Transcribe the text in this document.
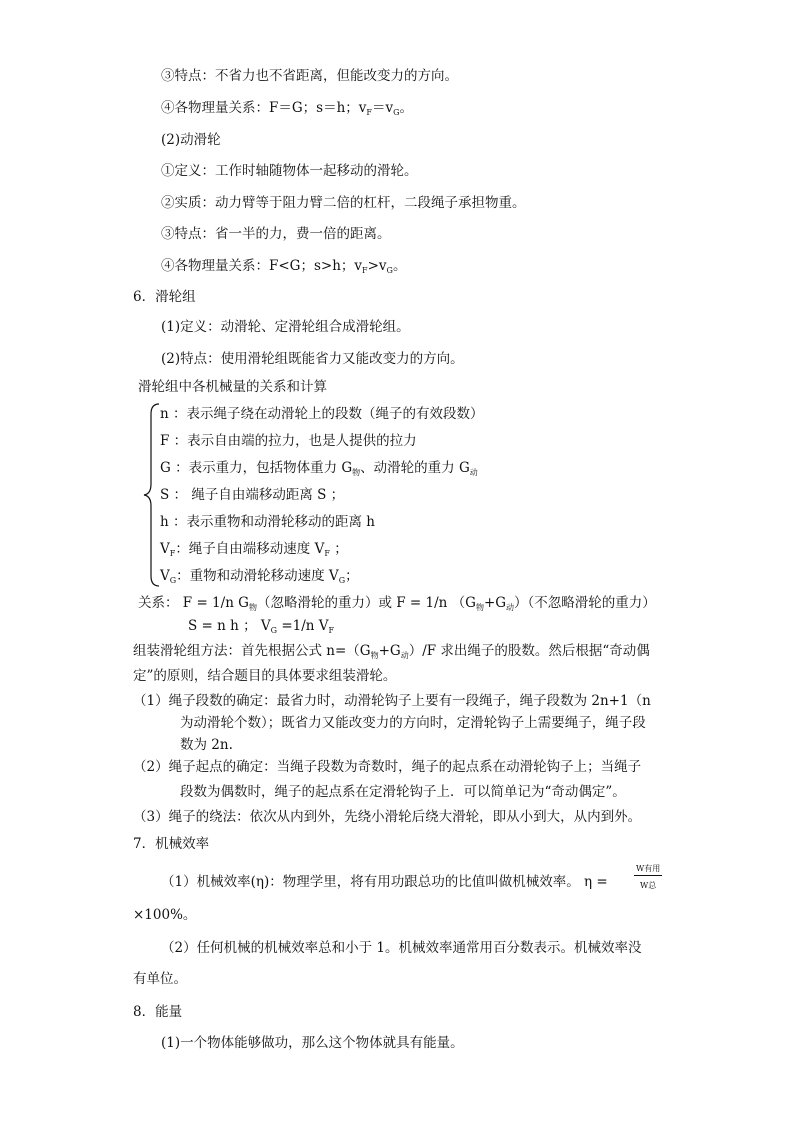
③特点：不省力也不省距离，但能改变力的方向。
④各物理量关系：F＝G；s＝h；$v_F=v_G$。
(2)动滑轮
①定义：工作时轴随物体一起移动的滑轮。
②实质：动力臂等于阻力臂二倍的杠杆，二段绳子承担物重。
③特点：省一半的力，费一倍的距离。
④各物理量关系：F<G；s>h；$v_F>v_G$。
6．滑轮组
(1)定义：动滑轮、定滑轮组合成滑轮组。
(2)特点：使用滑轮组既能省力又能改变力的方向。
滑轮组中各机械量的关系和计算
n ：表示绳子绕在动滑轮上的段数（绳子的有效段数）
F ：表示自由端的拉力，也是人提供的拉力
G ：表示重力，包括物体重力 $G_物$、动滑轮的重力 $G_动$
S ： 绳子自由端移动距离 S ；
h ：表示重物和动滑轮移动的距离 h
$V_F$：绳子自由端移动速度 $V_F$ ；
$V_G$：重物和动滑轮移动速度 $V_G$；
关系： F = 1/n $G_物$（忽略滑轮的重力）或 F = 1/n $(G_物+G_动)$（不忽略滑轮的重力）
S = n h ； $V_G =1/n$ $V_F$
组装滑轮组方法：首先根据公式 $n=(G_物+G_动)/F$ 求出绳子的股数。然后根据“奇动偶
定”的原则，结合题目的具体要求组装滑轮。
（1）绳子段数的确定：最省力时，动滑轮钩子上要有一段绳子，绳子段数为 2n+1（n
为动滑轮个数）；既省力又能改变力的方向时，定滑轮钩子上需要绳子，绳子段
数为 2n.
（2）绳子起点的确定：当绳子段数为奇数时，绳子的起点系在动滑轮钩子上；当绳子
段数为偶数时，绳子的起点系在定滑轮钩子上．可以简单记为“奇动偶定”。
（3）绳子的绕法：依次从内到外，先绕小滑轮后绕大滑轮，即从小到大，从内到外。
7．机械效率
（1）机械效率(η)：物理学里，将有用功跟总功的比值叫做机械效率。 η =
W有用
W总
×100%。
（2）任何机械的机械效率总和小于 1。机械效率通常用百分数表示。机械效率没
有单位。
8．能量
(1)一个物体能够做功，那么这个物体就具有能量。
